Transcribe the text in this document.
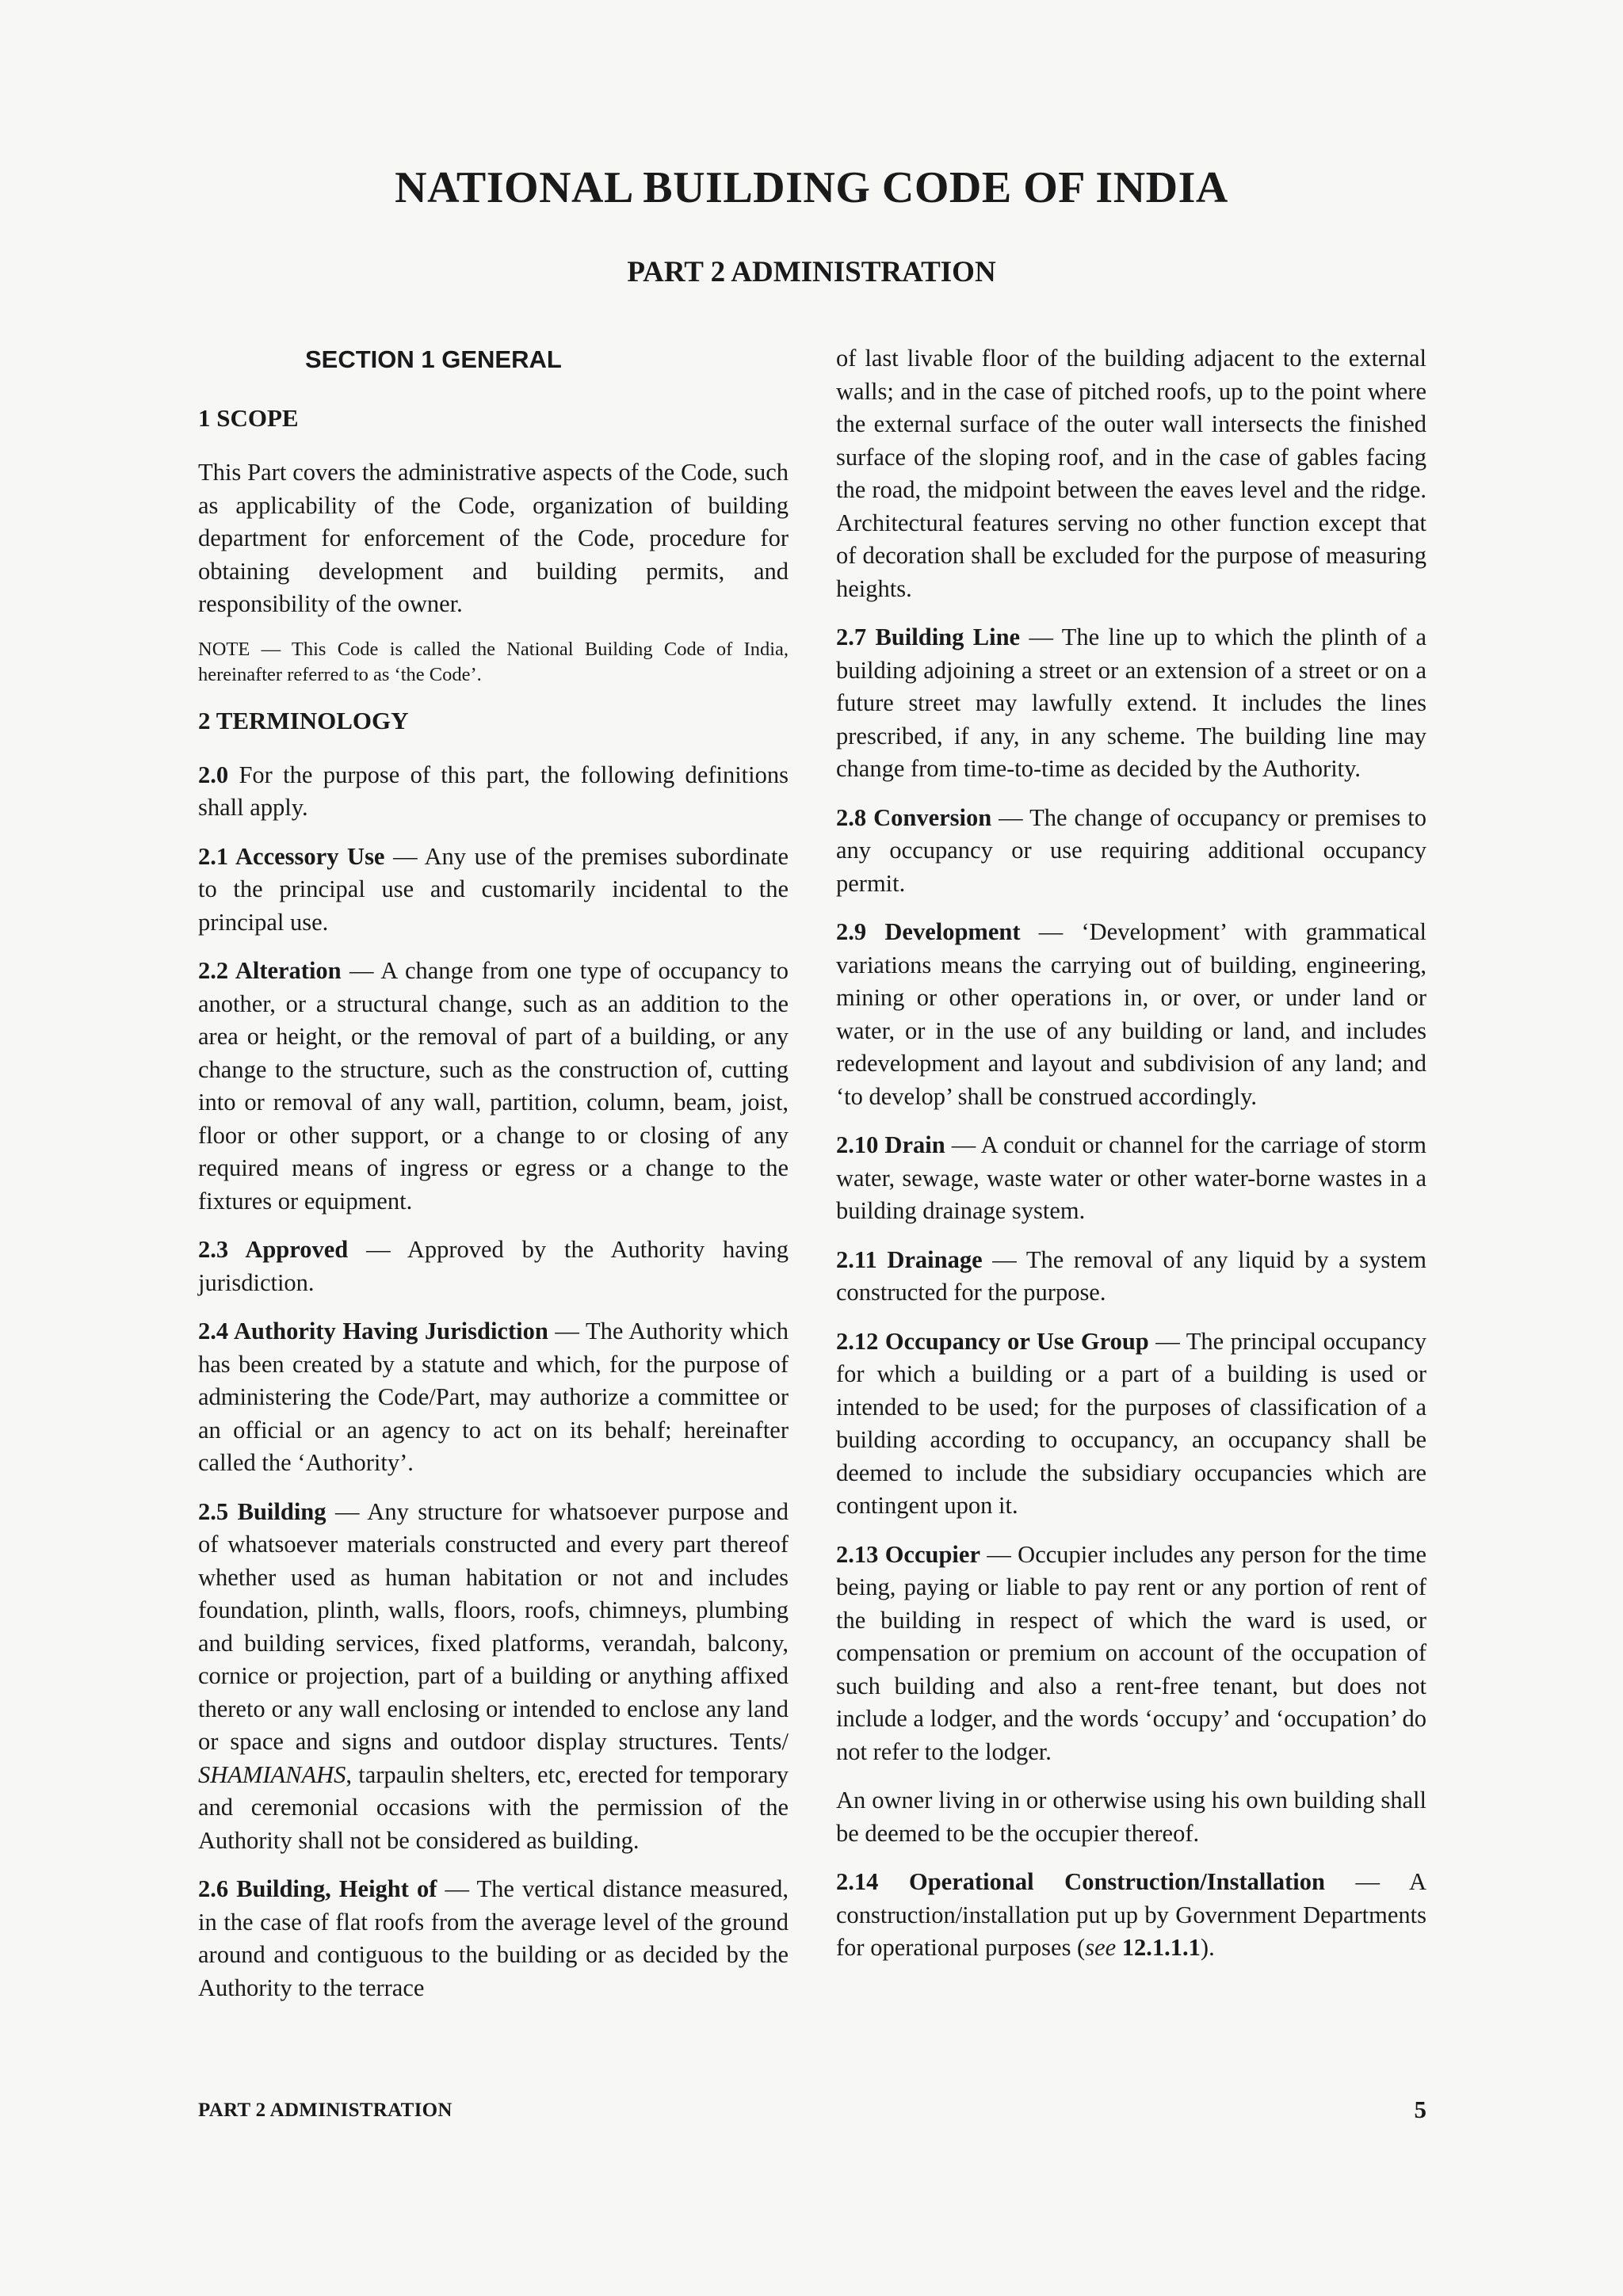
NATIONAL BUILDING CODE OF INDIA
PART 2 ADMINISTRATION
SECTION 1 GENERAL
1 SCOPE

This Part covers the administrative aspects of the Code, such as applicability of the Code, organization of building department for enforcement of the Code, procedure for obtaining development and building permits, and responsibility of the owner.

NOTE — This Code is called the National Building Code of India, hereinafter referred to as ‘the Code’.

2 TERMINOLOGY

2.0 For the purpose of this part, the following definitions shall apply.

2.1 Accessory Use — Any use of the premises subordinate to the principal use and customarily incidental to the principal use.

2.2 Alteration — A change from one type of occupancy to another, or a structural change, such as an addition to the area or height, or the removal of part of a building, or any change to the structure, such as the construction of, cutting into or removal of any wall, partition, column, beam, joist, floor or other support, or a change to or closing of any required means of ingress or egress or a change to the fixtures or equipment.

2.3 Approved — Approved by the Authority having jurisdiction.

2.4 Authority Having Jurisdiction — The Authority which has been created by a statute and which, for the purpose of administering the Code/Part, may authorize a committee or an official or an agency to act on its behalf; hereinafter called the ‘Authority’.

2.5 Building — Any structure for whatsoever purpose and of whatsoever materials constructed and every part thereof whether used as human habitation or not and includes foundation, plinth, walls, floors, roofs, chimneys, plumbing and building services, fixed platforms, verandah, balcony, cornice or projection, part of a building or anything affixed thereto or any wall enclosing or intended to enclose any land or space and signs and outdoor display structures. Tents/ SHAMIANAHS, tarpaulin shelters, etc, erected for temporary and ceremonial occasions with the permission of the Authority shall not be considered as building.

2.6 Building, Height of — The vertical distance measured, in the case of flat roofs from the average level of the ground around and contiguous to the building or as decided by the Authority to the terrace

of last livable floor of the building adjacent to the external walls; and in the case of pitched roofs, up to the point where the external surface of the outer wall intersects the finished surface of the sloping roof, and in the case of gables facing the road, the midpoint between the eaves level and the ridge. Architectural features serving no other function except that of decoration shall be excluded for the purpose of measuring heights.

2.7 Building Line — The line up to which the plinth of a building adjoining a street or an extension of a street or on a future street may lawfully extend. It includes the lines prescribed, if any, in any scheme. The building line may change from time-to-time as decided by the Authority.

2.8 Conversion — The change of occupancy or premises to any occupancy or use requiring additional occupancy permit.

2.9 Development — ‘Development’ with grammatical variations means the carrying out of building, engineering, mining or other operations in, or over, or under land or water, or in the use of any building or land, and includes redevelopment and layout and subdivision of any land; and ‘to develop’ shall be construed accordingly.

2.10 Drain — A conduit or channel for the carriage of storm water, sewage, waste water or other water-borne wastes in a building drainage system.

2.11 Drainage — The removal of any liquid by a system constructed for the purpose.

2.12 Occupancy or Use Group — The principal occupancy for which a building or a part of a building is used or intended to be used; for the purposes of classification of a building according to occupancy, an occupancy shall be deemed to include the subsidiary occupancies which are contingent upon it.

2.13 Occupier — Occupier includes any person for the time being, paying or liable to pay rent or any portion of rent of the building in respect of which the ward is used, or compensation or premium on account of the occupation of such building and also a rent-free tenant, but does not include a lodger, and the words ‘occupy’ and ‘occupation’ do not refer to the lodger.

An owner living in or otherwise using his own building shall be deemed to be the occupier thereof.

2.14 Operational Construction/Installation — A construction/installation put up by Government Departments for operational purposes (see 12.1.1.1).

PART 2 ADMINISTRATION	5
